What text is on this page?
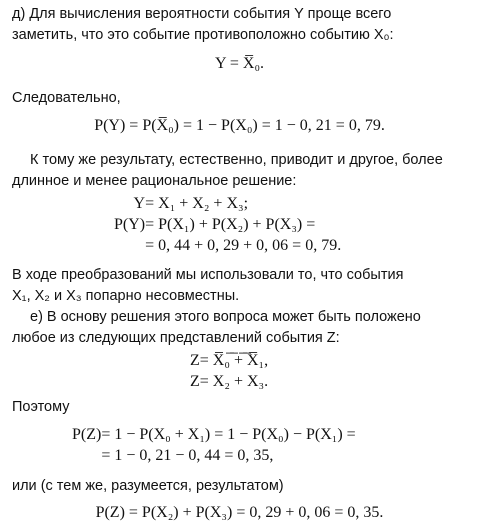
д) Для вычисления вероятности события Y проще всего
заметить, что это событие противоположно событию X₀:
Y = X̅₀.
Следовательно,
P(Y) = P(X̅₀) = 1 − P(X₀) = 1 − 0, 21 = 0, 79.
К тому же результату, естественно, приводит и другое, более
длинное и менее рациональное решение:
Y = X₁ + X₂ + X₃;
P(Y) = P(X₁) + P(X₂) + P(X₃) =
= 0, 44 + 0, 29 + 0, 06 = 0, 79.
В ходе преобразований мы использовали то, что события
X₁, X₂ и X₃ попарно несовместны.
е) В основу решения этого вопроса может быть положено
любое из следующих представлений события Z:
Z = X̅₀̅ ̅+̅ ̅X̅₁,
Z = X₂ + X₃.
Поэтому
P(Z) = 1 − P(X₀ + X₁) = 1 − P(X₀) − P(X₁) =
= 1 − 0, 21 − 0, 44 = 0, 35,
или (с тем же, разумеется, результатом)
P(Z) = P(X₂) + P(X₃) = 0, 29 + 0, 06 = 0, 35.
